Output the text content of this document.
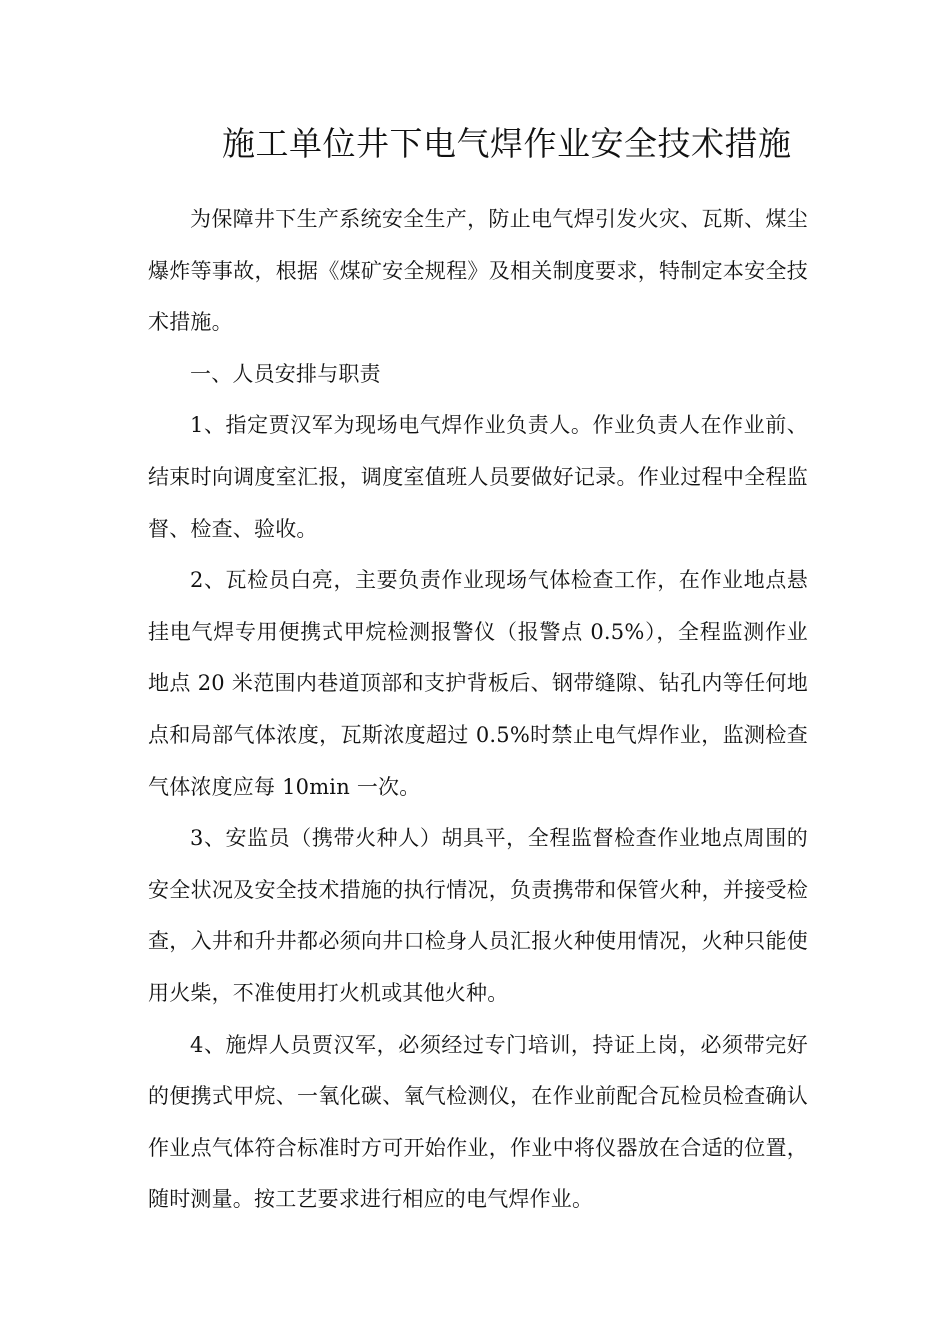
施工单位井下电气焊作业安全技术措施

为保障井下生产系统安全生产，防止电气焊引发火灾、瓦斯、煤尘爆炸等事故，根据《煤矿安全规程》及相关制度要求，特制定本安全技术措施。

一、人员安排与职责

1、指定贾汉军为现场电气焊作业负责人。作业负责人在作业前、结束时向调度室汇报，调度室值班人员要做好记录。作业过程中全程监督、检查、验收。

2、瓦检员白亮，主要负责作业现场气体检查工作，在作业地点悬挂电气焊专用便携式甲烷检测报警仪（报警点 0.5%），全程监测作业地点 20 米范围内巷道顶部和支护背板后、钢带缝隙、钻孔内等任何地点和局部气体浓度，瓦斯浓度超过 0.5%时禁止电气焊作业，监测检查气体浓度应每 10min 一次。

3、安监员（携带火种人）胡具平，全程监督检查作业地点周围的安全状况及安全技术措施的执行情况，负责携带和保管火种，并接受检查，入井和升井都必须向井口检身人员汇报火种使用情况，火种只能使用火柴，不准使用打火机或其他火种。

4、施焊人员贾汉军，必须经过专门培训，持证上岗，必须带完好的便携式甲烷、一氧化碳、氧气检测仪，在作业前配合瓦检员检查确认作业点气体符合标准时方可开始作业，作业中将仪器放在合适的位置，随时测量。按工艺要求进行相应的电气焊作业。
